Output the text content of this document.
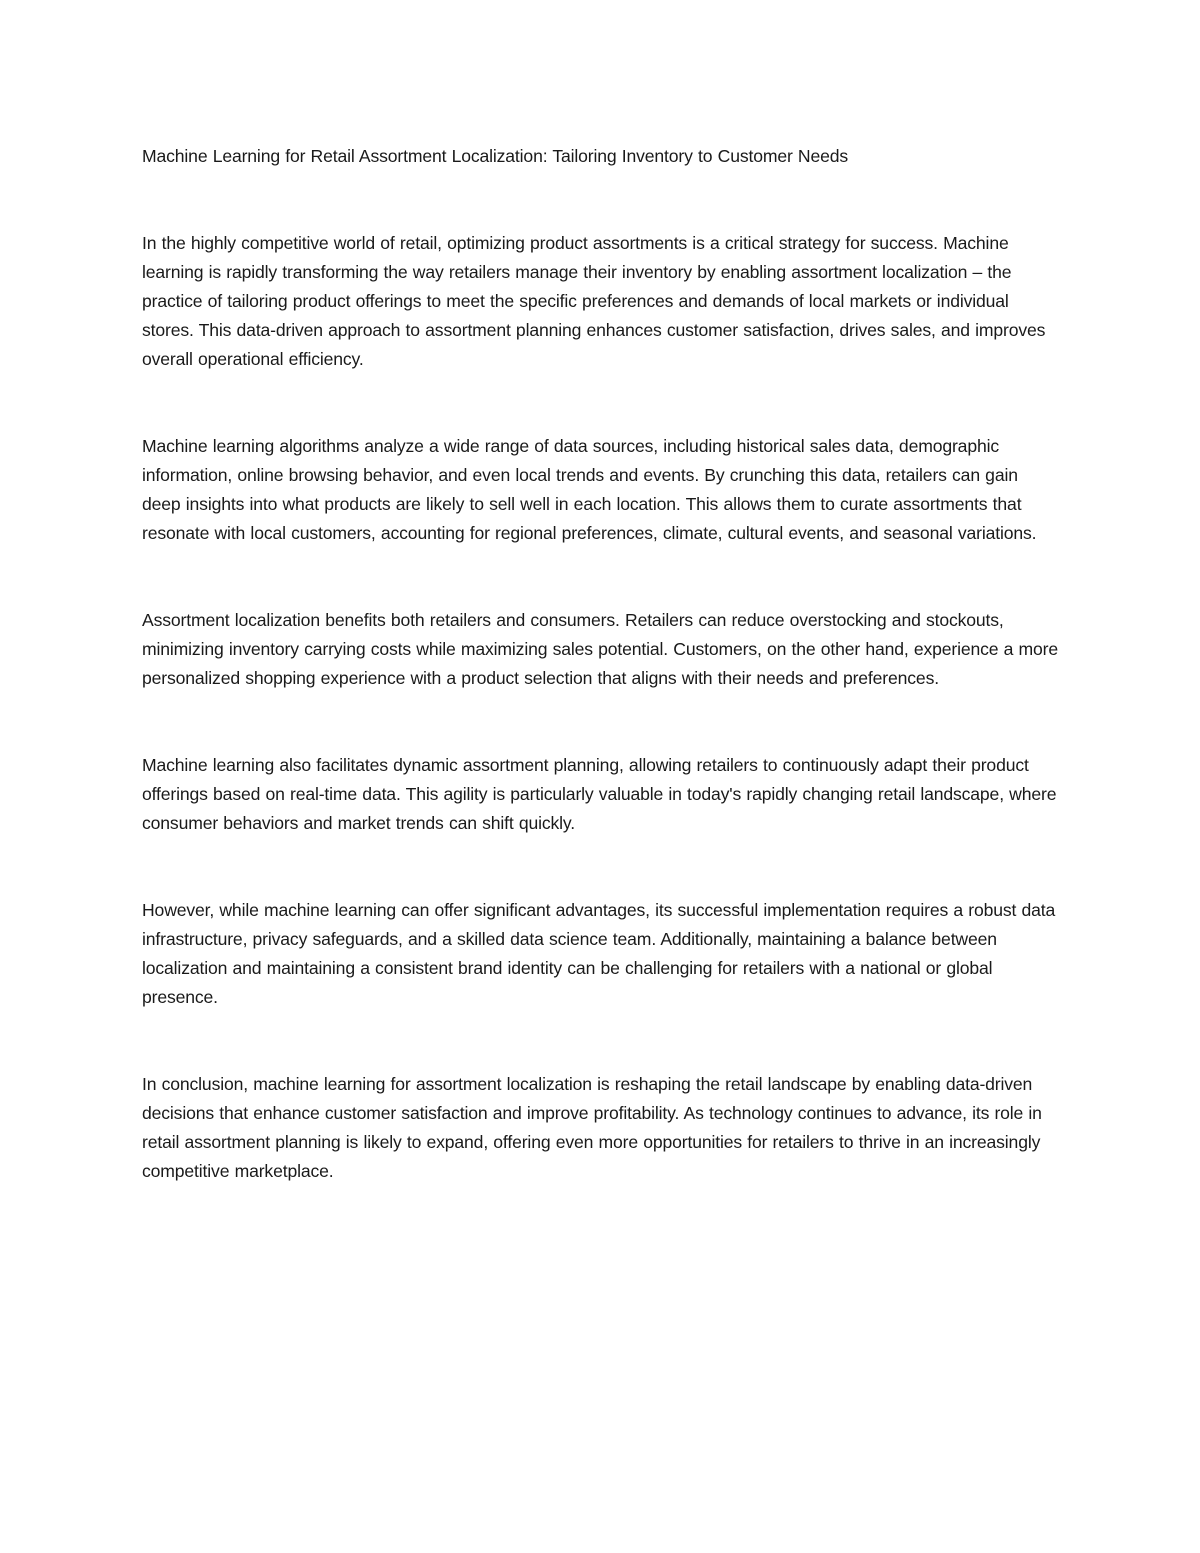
Machine Learning for Retail Assortment Localization: Tailoring Inventory to Customer Needs

In the highly competitive world of retail, optimizing product assortments is a critical strategy for success. Machine learning is rapidly transforming the way retailers manage their inventory by enabling assortment localization – the practice of tailoring product offerings to meet the specific preferences and demands of local markets or individual stores. This data-driven approach to assortment planning enhances customer satisfaction, drives sales, and improves overall operational efficiency.

Machine learning algorithms analyze a wide range of data sources, including historical sales data, demographic information, online browsing behavior, and even local trends and events. By crunching this data, retailers can gain deep insights into what products are likely to sell well in each location. This allows them to curate assortments that resonate with local customers, accounting for regional preferences, climate, cultural events, and seasonal variations.

Assortment localization benefits both retailers and consumers. Retailers can reduce overstocking and stockouts, minimizing inventory carrying costs while maximizing sales potential. Customers, on the other hand, experience a more personalized shopping experience with a product selection that aligns with their needs and preferences.

Machine learning also facilitates dynamic assortment planning, allowing retailers to continuously adapt their product offerings based on real-time data. This agility is particularly valuable in today's rapidly changing retail landscape, where consumer behaviors and market trends can shift quickly.

However, while machine learning can offer significant advantages, its successful implementation requires a robust data infrastructure, privacy safeguards, and a skilled data science team. Additionally, maintaining a balance between localization and maintaining a consistent brand identity can be challenging for retailers with a national or global presence.

In conclusion, machine learning for assortment localization is reshaping the retail landscape by enabling data-driven decisions that enhance customer satisfaction and improve profitability. As technology continues to advance, its role in retail assortment planning is likely to expand, offering even more opportunities for retailers to thrive in an increasingly competitive marketplace.
